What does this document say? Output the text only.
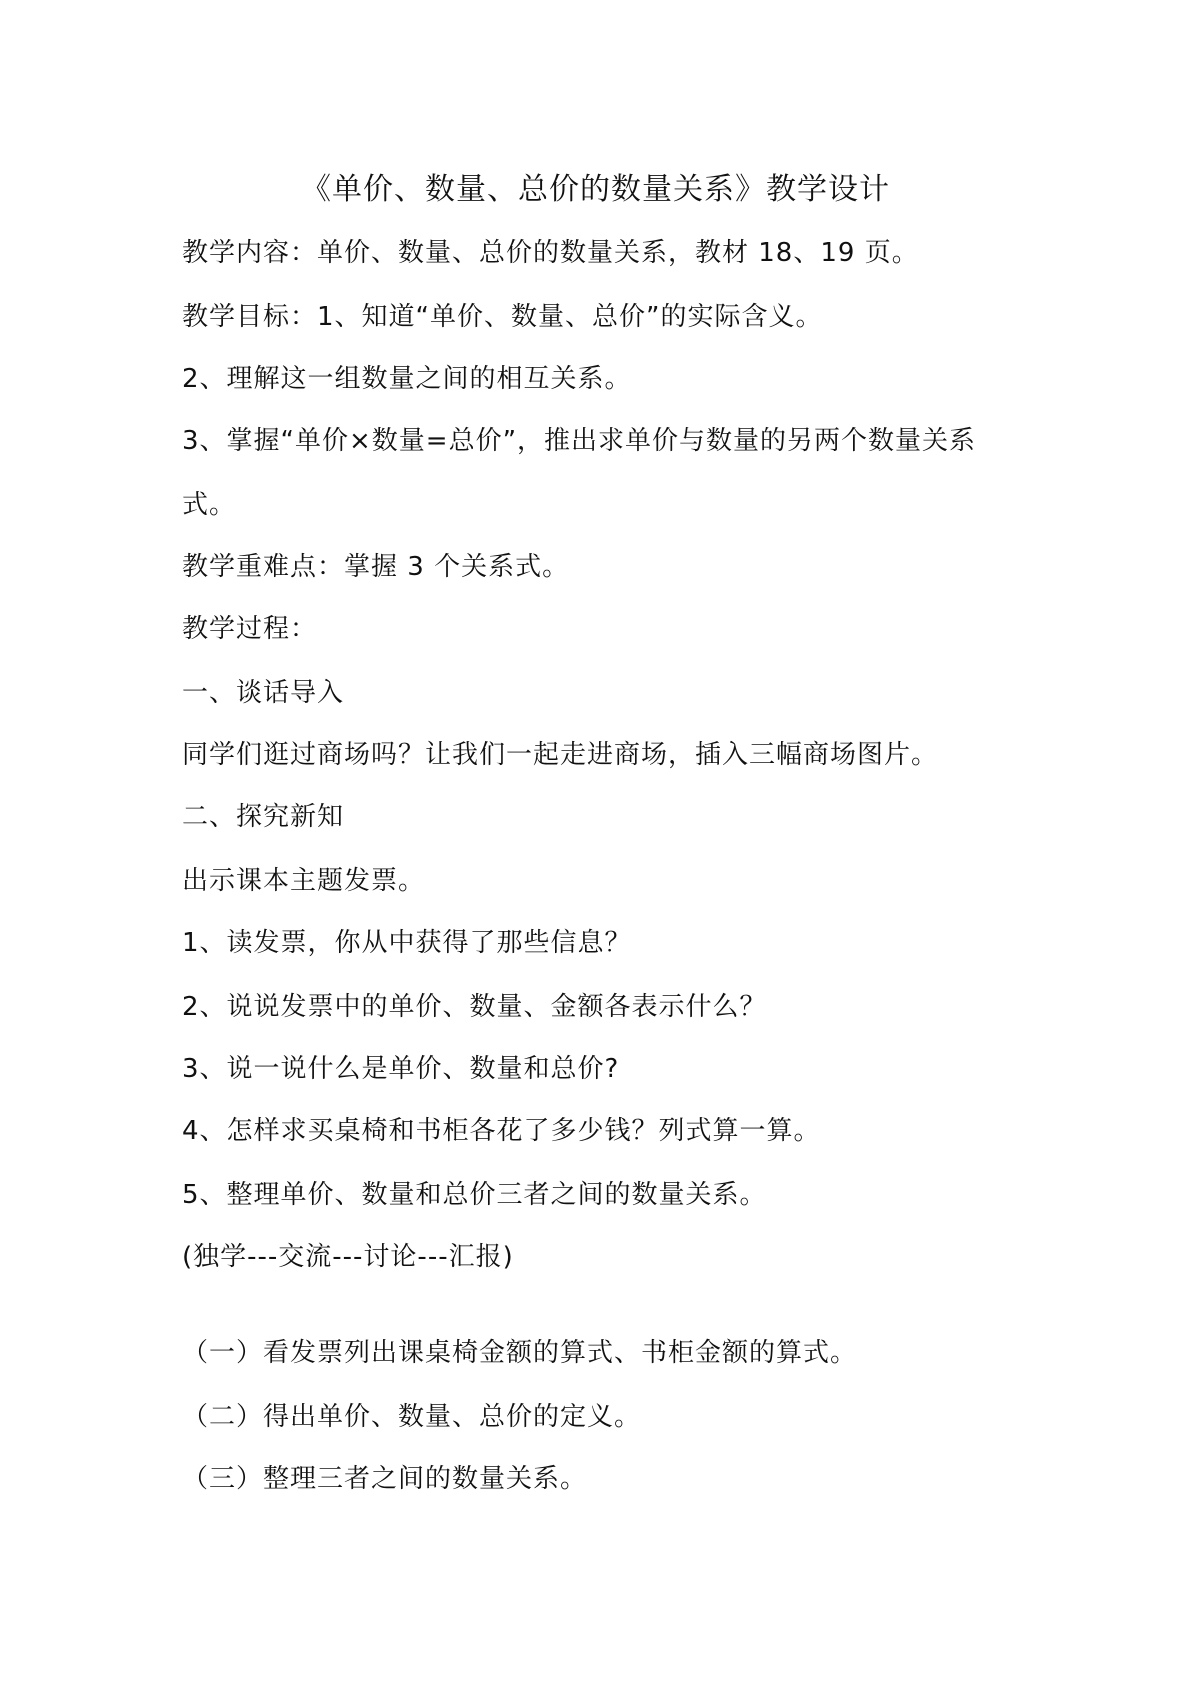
《单价、数量、总价的数量关系》教学设计
教学内容：单价、数量、总价的数量关系，教材 18、19 页。
教学目标：1、知道“单价、数量、总价”的实际含义。
2、理解这一组数量之间的相互关系。
3、掌握“单价×数量=总价”，推出求单价与数量的另两个数量关系
式。
教学重难点：掌握 3 个关系式。
教学过程：
一、谈话导入
同学们逛过商场吗？让我们一起走进商场，插入三幅商场图片。
二、探究新知
出示课本主题发票。
1、读发票，你从中获得了那些信息？
2、说说发票中的单价、数量、金额各表示什么？
3、说一说什么是单价、数量和总价?
4、怎样求买桌椅和书柜各花了多少钱？列式算一算。
5、整理单价、数量和总价三者之间的数量关系。
(独学---交流---讨论---汇报)
（一）看发票列出课桌椅金额的算式、书柜金额的算式。
（二）得出单价、数量、总价的定义。
（三）整理三者之间的数量关系。
